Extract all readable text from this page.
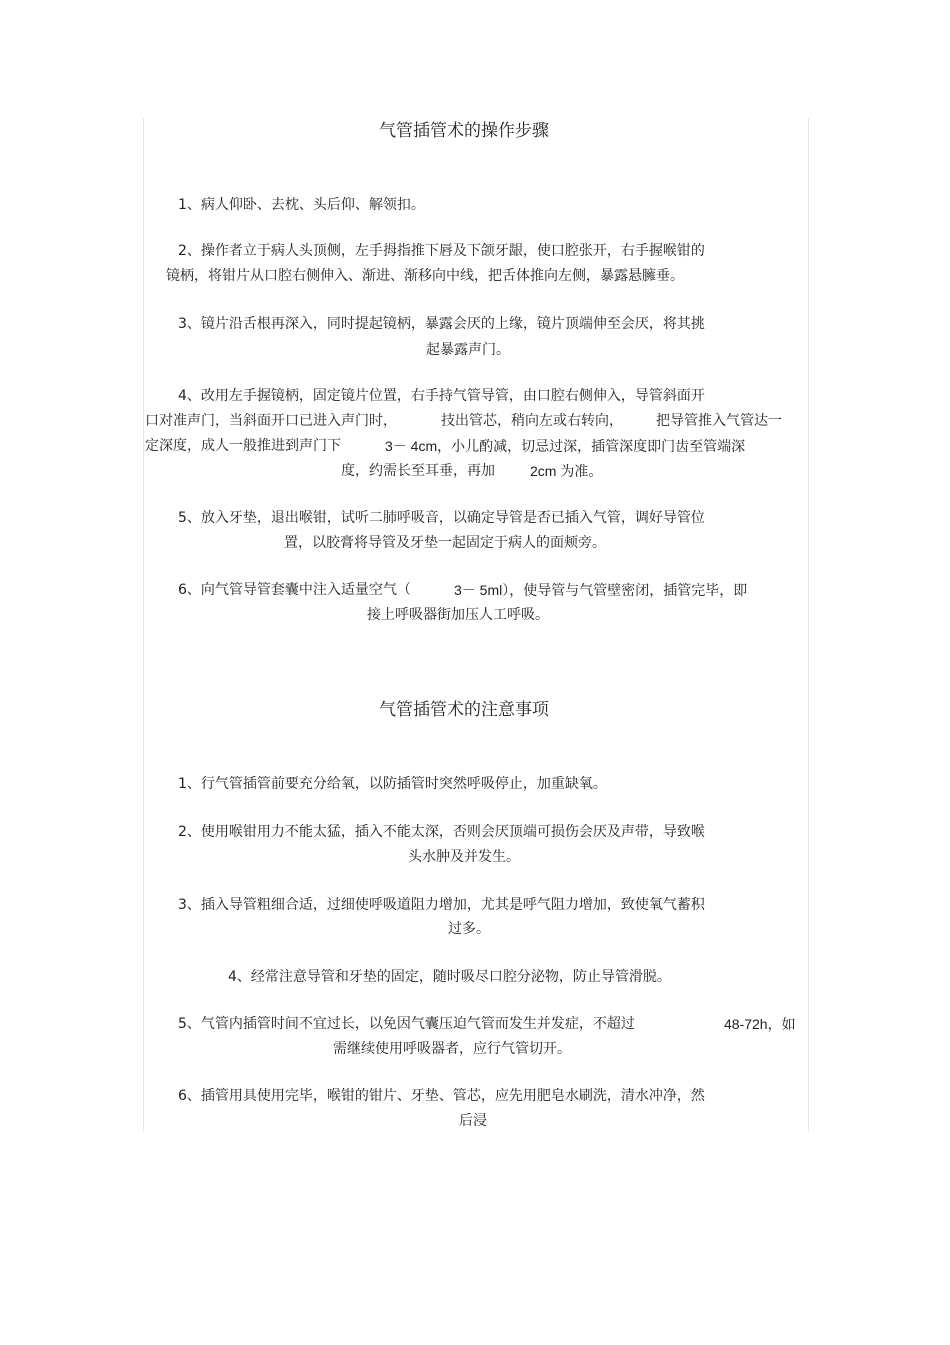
气管插管术的操作步骤
1、病人仰卧、去枕、头后仰、解领扣。
2、操作者立于病人头顶侧，左手拇指推下唇及下颌牙龈，使口腔张开，右手握喉钳的
镜柄，将钳片从口腔右侧伸入、渐进、渐移向中线，把舌体推向左侧，暴露悬臃垂。
3、镜片沿舌根再深入，同时提起镜柄，暴露会厌的上缘，镜片顶端伸至会厌，将其挑
起暴露声门。
4、改用左手握镜柄，固定镜片位置，右手持气管导管，由口腔右侧伸入，导管斜面开
口对准声门，当斜面开口已进入声门时，	技出管芯，稍向左或右转向， 把导管推入气管达一
定深度，成人一般推进到声门下	3－ 4cm，小儿酌减，切忌过深，插管深度即门齿至管端深
度，约需长至耳垂，再加	2cm 为准。
5、放入牙垫，退出喉钳，试听二肺呼吸音，以确定导管是否已插入气管，调好导管位
置，以胶膏将导管及牙垫一起固定于病人的面颊旁。
6、向气管导管套囊中注入适量空气（	3－ 5ml），使导管与气管壁密闭，插管完毕，即
接上呼吸器街加压人工呼吸。
气管插管术的注意事项
1、行气管插管前要充分给氧，以防插管时突然呼吸停止，加重缺氧。
2、使用喉钳用力不能太猛，插入不能太深，否则会厌顶端可损伤会厌及声带，导致喉
头水肿及并发生。
3、插入导管粗细合适，过细使呼吸道阻力增加，尤其是呼气阻力增加，致使氧气蓄积
过多。
4、经常注意导管和牙垫的固定，随时吸尽口腔分泌物，防止导管滑脱。
5、气管内插管时间不宜过长，以免因气囊压迫气管而发生并发症，不超过	48-72h，如
需继续使用呼吸器者，应行气管切开。
6、插管用具使用完毕，喉钳的钳片、牙垫、管芯，应先用肥皂水刷洗，清水冲净，然
后浸
